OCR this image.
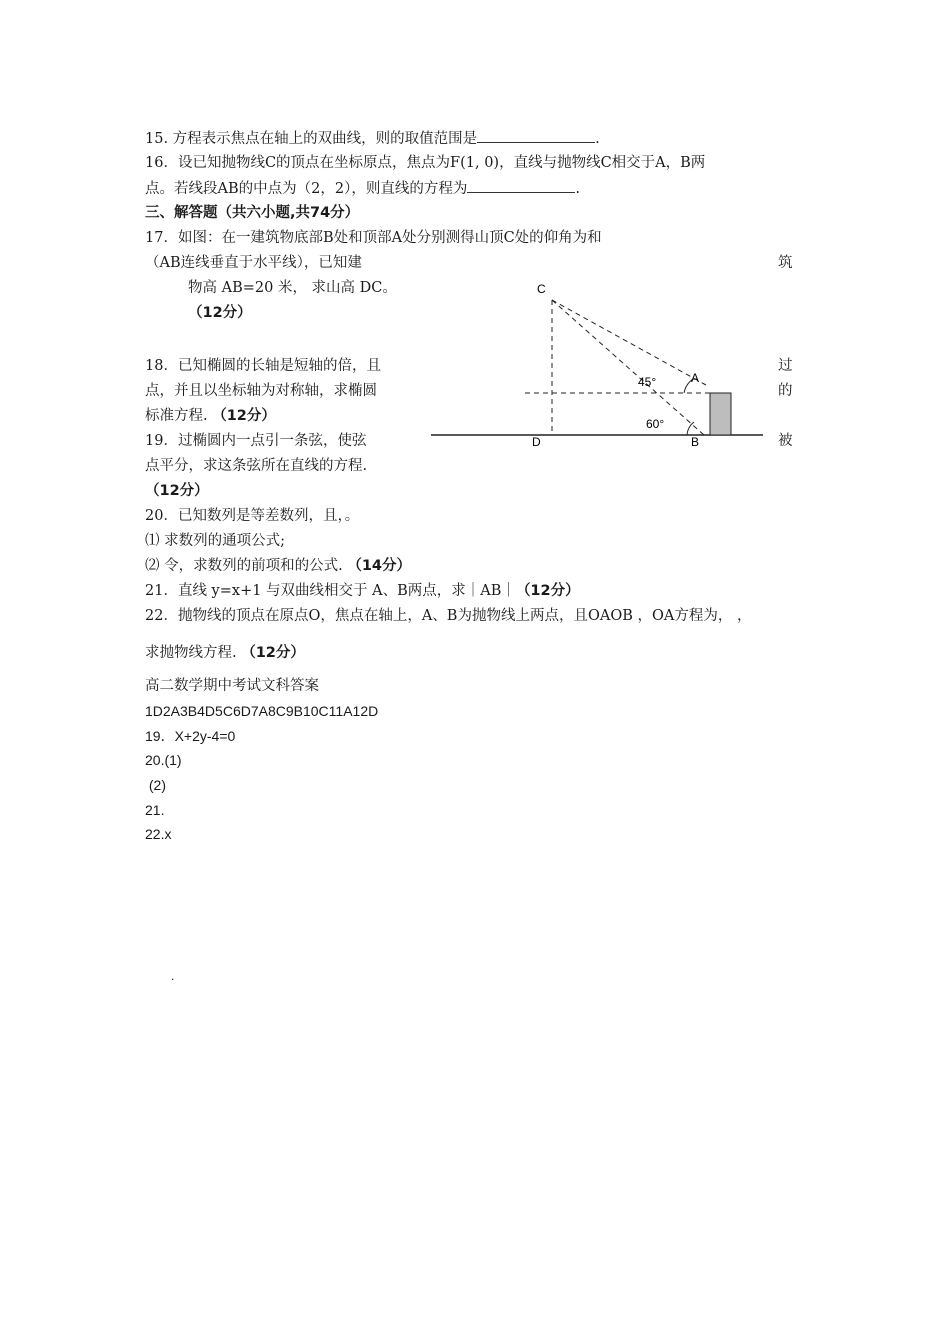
15. 方程表示焦点在轴上的双曲线，则的取值范围是	.
16．设已知抛物线C的顶点在坐标原点，焦点为F(1, 0)，直线与抛物线C相交于A，B两
点。若线段AB的中点为（2，2），则直线的方程为	.
三、解答题（共六小题,共74分）
17．如图：在一建筑物底部B处和顶部A处分别测得山顶C处的仰角为和
（AB连线垂直于水平线），已知建	筑
物高 AB=20 米， 求山高 DC。
（12分）
18．已知椭圆的长轴是短轴的倍，且	过
点，并且以坐标轴为对称轴，求椭圆	的
标准方程. （12分）
19．过椭圆内一点引一条弦，使弦	被
点平分，求这条弦所在直线的方程.
（12分）
20．已知数列是等差数列，且，。
⑴ 求数列的通项公式;
⑵ 令，求数列的前项和的公式. （14分）
21．直线 y=x+1 与双曲线相交于 A、B两点，求｜AB｜（12分）
22．抛物线的顶点在原点O，焦点在轴上，A、B为抛物线上两点，且OAOB ，OA方程为， ，
求抛物线方程. （12分）
高二数学期中考试文科答案
1D2A3B4D5C6D7A8C9B10C11A12D
19．X+2y-4=0
20.(1)
(2)
21.
22.x
.
C
A
B
D
45°
60°
